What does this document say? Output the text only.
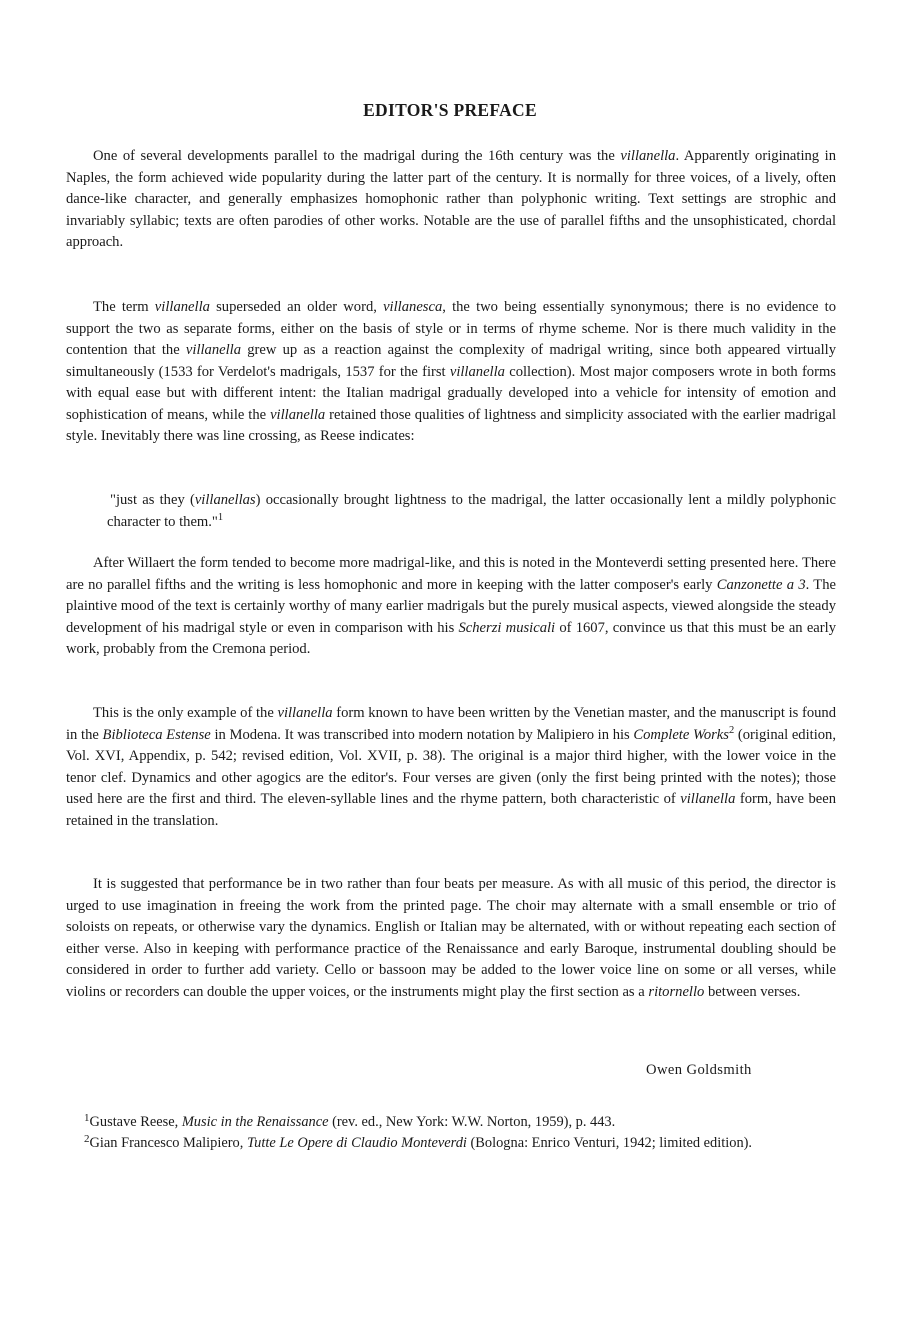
EDITOR'S PREFACE

One of several developments parallel to the madrigal during the 16th century was the villanella. Apparently originating in Naples, the form achieved wide popularity during the latter part of the century. It is normally for three voices, of a lively, often dance-like character, and generally emphasizes homophonic rather than polyphonic writing. Text settings are strophic and invariably syllabic; texts are often parodies of other works. Notable are the use of parallel fifths and the unsophisticated, chordal approach.

The term villanella superseded an older word, villanesca, the two being essentially synonymous; there is no evidence to support the two as separate forms, either on the basis of style or in terms of rhyme scheme. Nor is there much validity in the contention that the villanella grew up as a reaction against the complexity of madrigal writing, since both appeared virtually simultaneously (1533 for Verdelot's madrigals, 1537 for the first villanella collection). Most major composers wrote in both forms with equal ease but with different intent: the Italian madrigal gradually developed into a vehicle for intensity of emotion and sophistication of means, while the villanella retained those qualities of lightness and simplicity associated with the earlier madrigal style. Inevitably there was line crossing, as Reese indicates:

"just as they (villanellas) occasionally brought lightness to the madrigal, the latter occasionally lent a mildly polyphonic character to them."$^1$

After Willaert the form tended to become more madrigal-like, and this is noted in the Monteverdi setting presented here. There are no parallel fifths and the writing is less homophonic and more in keeping with the latter composer's early Canzonette a 3. The plaintive mood of the text is certainly worthy of many earlier madrigals but the purely musical aspects, viewed alongside the steady development of his madrigal style or even in comparison with his Scherzi musicali of 1607, convince us that this must be an early work, probably from the Cremona period.

This is the only example of the villanella form known to have been written by the Venetian master, and the manuscript is found in the Biblioteca Estense in Modena. It was transcribed into modern notation by Malipiero in his Complete Works$^2$ (original edition, Vol. XVI, Appendix, p. 542; revised edition, Vol. XVII, p. 38). The original is a major third higher, with the lower voice in the tenor clef. Dynamics and other agogics are the editor's. Four verses are given (only the first being printed with the notes); those used here are the first and third. The eleven-syllable lines and the rhyme pattern, both characteristic of villanella form, have been retained in the translation.

It is suggested that performance be in two rather than four beats per measure. As with all music of this period, the director is urged to use imagination in freeing the work from the printed page. The choir may alternate with a small ensemble or trio of soloists on repeats, or otherwise vary the dynamics. English or Italian may be alternated, with or without repeating each section of either verse. Also in keeping with performance practice of the Renaissance and early Baroque, instrumental doubling should be considered in order to further add variety. Cello or bassoon may be added to the lower voice line on some or all verses, while violins or recorders can double the upper voices, or the instruments might play the first section as a ritornello between verses.

Owen Goldsmith

$^1$Gustave Reese, Music in the Renaissance (rev. ed., New York: W.W. Norton, 1959), p. 443.

$^2$Gian Francesco Malipiero, Tutte Le Opere di Claudio Monteverdi (Bologna: Enrico Venturi, 1942; limited edition).
